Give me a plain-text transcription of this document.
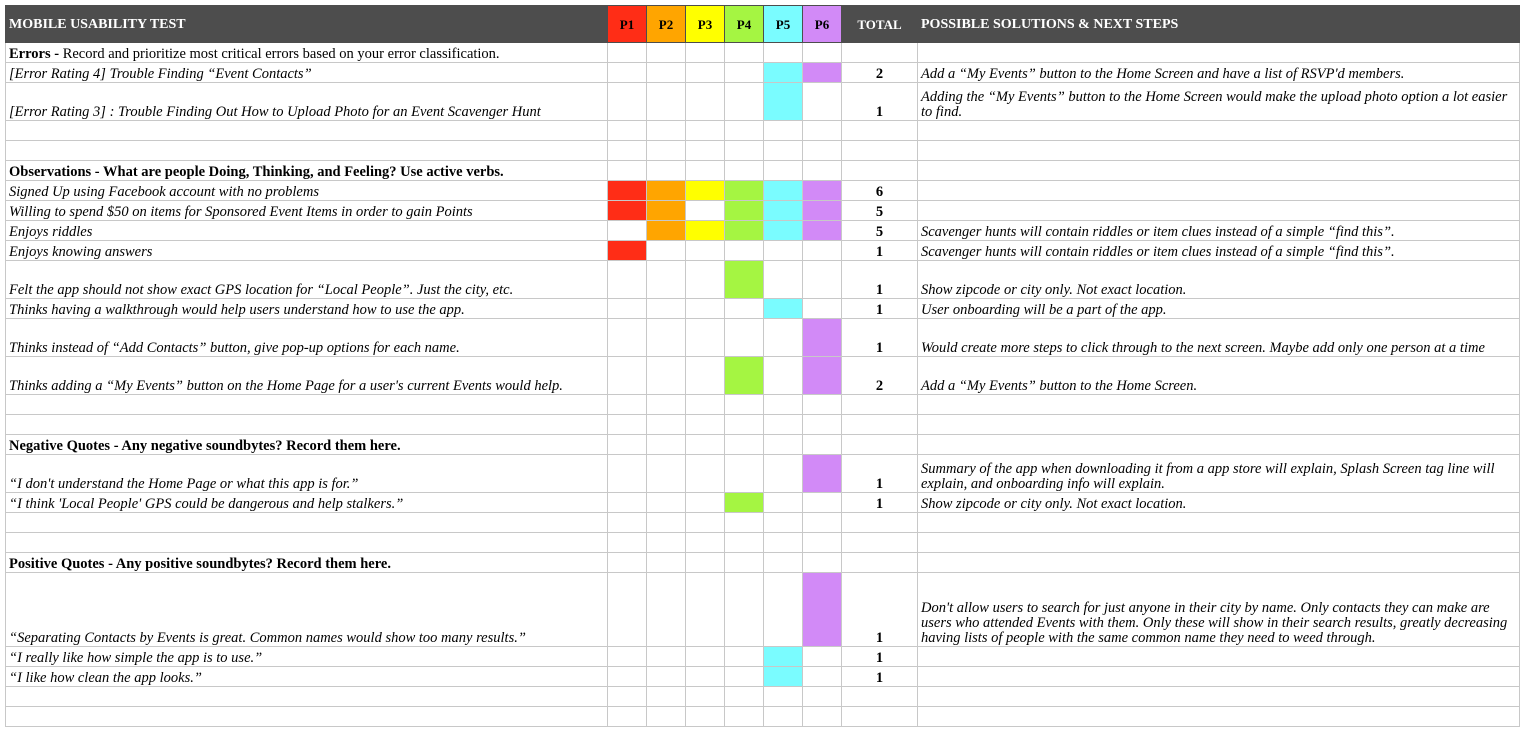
MOBILE USABILITY TEST	P1	P2	P3	P4	P5	P6	TOTAL	POSSIBLE SOLUTIONS & NEXT STEPS
Errors - Record and prioritize most critical errors based on your error classification.								
[Error Rating 4] Trouble Finding “Event Contacts”							2	Add a “My Events” button to the Home Screen and have a list of RSVP'd members.
[Error Rating 3] : Trouble Finding Out How to Upload Photo for an Event Scavenger Hunt							1	Adding the “My Events” button to the Home Screen would make the upload photo option a lot easier to find.

Observations - What are people Doing, Thinking, and Feeling? Use active verbs.								
Signed Up using Facebook account with no problems							6	
Willing to spend $50 on items for Sponsored Event Items in order to gain Points							5	
Enjoys riddles							5	Scavenger hunts will contain riddles or item clues instead of a simple “find this”.
Enjoys knowing answers							1	Scavenger hunts will contain riddles or item clues instead of a simple “find this”.
Felt the app should not show exact GPS location for “Local People”. Just the city, etc.							1	Show zipcode or city only. Not exact location.
Thinks having a walkthrough would help users understand how to use the app.							1	User onboarding will be a part of the app.
Thinks instead of “Add Contacts” button, give pop-up options for each name.							1	Would create more steps to click through to the next screen. Maybe add only one person at a time
Thinks adding a “My Events” button on the Home Page for a user's current Events would help.							2	Add a “My Events” button to the Home Screen.

Negative Quotes - Any negative soundbytes? Record them here.								
“I don't understand the Home Page or what this app is for.”							1	Summary of the app when downloading it from a app store will explain, Splash Screen tag line will explain, and onboarding info will explain.
“I think 'Local People' GPS could be dangerous and help stalkers.”							1	Show zipcode or city only. Not exact location.

Positive Quotes - Any positive soundbytes? Record them here.								
“Separating Contacts by Events is great. Common names would show too many results.”							1	Don't allow users to search for just anyone in their city by name. Only contacts they can make are users who attended Events with them. Only these will show in their search results, greatly decreasing having lists of people with the same common name they need to weed through.
“I really like how simple the app is to use.”							1	
“I like how clean the app looks.”							1	
